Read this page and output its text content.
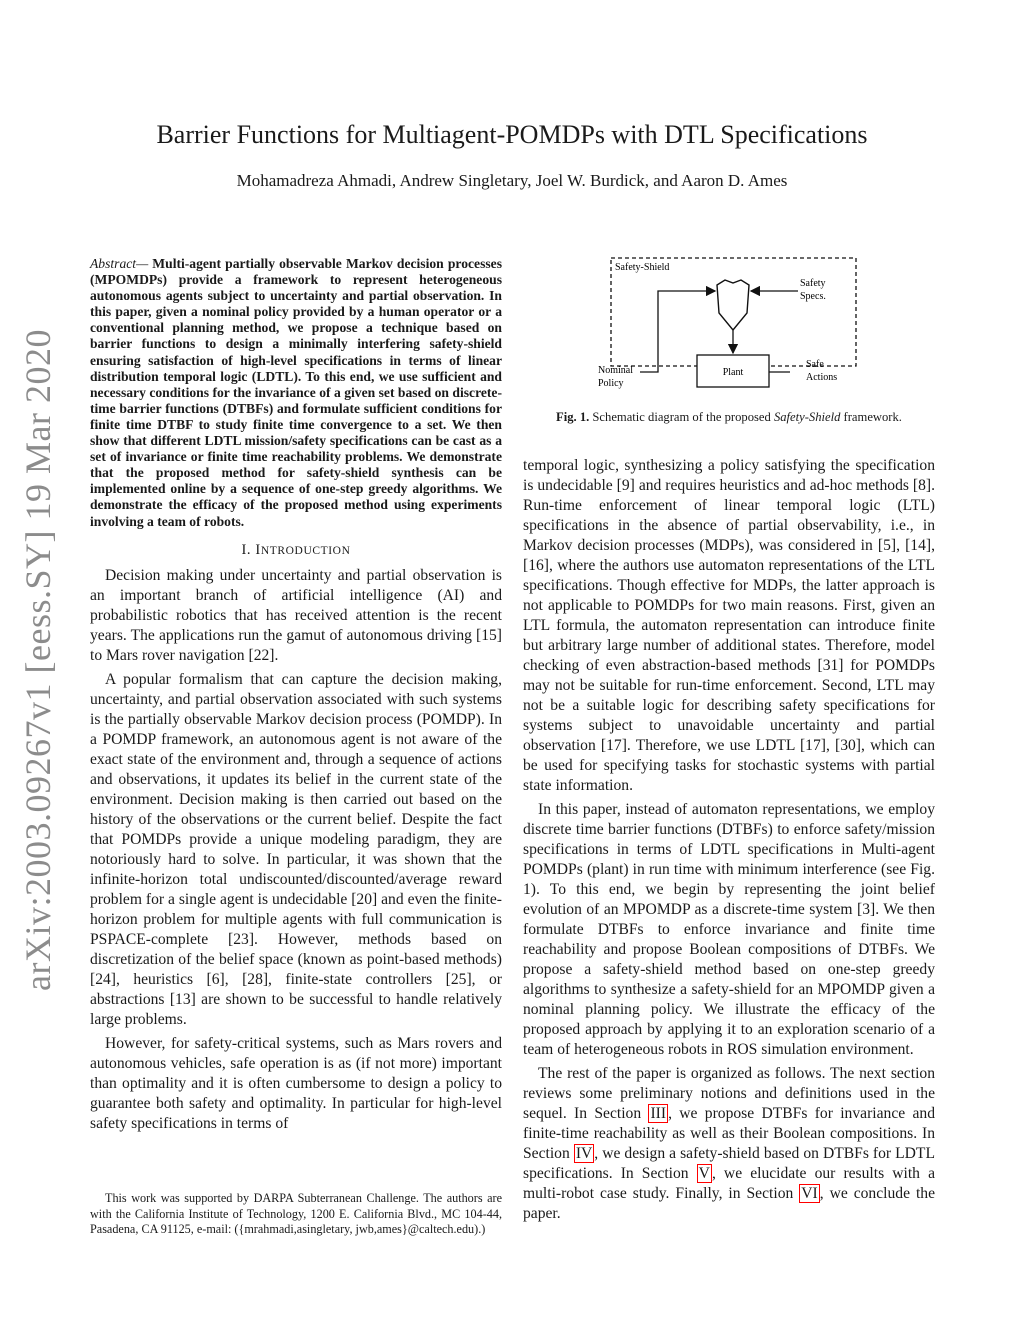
arXiv:2003.09267v1 [eess.SY] 19 Mar 2020
Barrier Functions for Multiagent-POMDPs with DTL Specifications
Mohamadreza Ahmadi, Andrew Singletary, Joel W. Burdick, and Aaron D. Ames

Abstract— Multi-agent partially observable Markov decision processes (MPOMDPs) provide a framework to represent heterogeneous autonomous agents subject to uncertainty and partial observation. In this paper, given a nominal policy provided by a human operator or a conventional planning method, we propose a technique based on barrier functions to design a minimally interfering safety-shield ensuring satisfaction of high-level specifications in terms of linear distribution temporal logic (LDTL). To this end, we use sufficient and necessary conditions for the invariance of a given set based on discrete-time barrier functions (DTBFs) and formulate sufficient conditions for finite time DTBF to study finite time convergence to a set. We then show that different LDTL mission/safety specifications can be cast as a set of invariance or finite time reachability problems. We demonstrate that the proposed method for safety-shield synthesis can be implemented online by a sequence of one-step greedy algorithms. We demonstrate the efficacy of the proposed method using experiments involving a team of robots.

I. INTRODUCTION

Decision making under uncertainty and partial observation is an important branch of artificial intelligence (AI) and probabilistic robotics that has received attention is the recent years. The applications run the gamut of autonomous driving [15] to Mars rover navigation [22].

A popular formalism that can capture the decision making, uncertainty, and partial observation associated with such systems is the partially observable Markov decision process (POMDP). In a POMDP framework, an autonomous agent is not aware of the exact state of the environment and, through a sequence of actions and observations, it updates its belief in the current state of the environment. Decision making is then carried out based on the history of the observations or the current belief. Despite the fact that POMDPs provide a unique modeling paradigm, they are notoriously hard to solve. In particular, it was shown that the infinite-horizon total undiscounted/discounted/average reward problem for a single agent is undecidable [20] and even the finite-horizon problem for multiple agents with full communication is PSPACE-complete [23]. However, methods based on discretization of the belief space (known as point-based methods) [24], heuristics [6], [28], finite-state controllers [25], or abstractions [13] are shown to be successful to handle relatively large problems.

However, for safety-critical systems, such as Mars rovers and autonomous vehicles, safe operation is as (if not more) important than optimality and it is often cumbersome to design a policy to guarantee both safety and optimality. In particular for high-level safety specifications in terms of

This work was supported by DARPA Subterranean Challenge. The authors are with the California Institute of Technology, 1200 E. California Blvd., MC 104-44, Pasadena, CA 91125, e-mail: ({mrahmadi,asingletary, jwb,ames}@caltech.edu).)
Safety-Shield
Plant
Safety
Specs.
Nominal
Policy
Safe
Actions
Fig. 1. Schematic diagram of the proposed Safety-Shield framework.

temporal logic, synthesizing a policy satisfying the specification is undecidable [9] and requires heuristics and ad-hoc methods [8]. Run-time enforcement of linear temporal logic (LTL) specifications in the absence of partial observability, i.e., in Markov decision processes (MDPs), was considered in [5], [14], [16], where the authors use automaton representations of the LTL specifications. Though effective for MDPs, the latter approach is not applicable to POMDPs for two main reasons. First, given an LTL formula, the automaton representation can introduce finite but arbitrary large number of additional states. Therefore, model checking of even abstraction-based methods [31] for POMDPs may not be suitable for run-time enforcement. Second, LTL may not be a suitable logic for describing safety specifications for systems subject to unavoidable uncertainty and partial observation [17]. Therefore, we use LDTL [17], [30], which can be used for specifying tasks for stochastic systems with partial state information.

In this paper, instead of automaton representations, we employ discrete time barrier functions (DTBFs) to enforce safety/mission specifications in terms of LDTL specifications in Multi-agent POMDPs (plant) in run time with minimum interference (see Fig. 1). To this end, we begin by representing the joint belief evolution of an MPOMDP as a discrete-time system [3]. We then formulate DTBFs to enforce invariance and finite time reachability and propose Boolean compositions of DTBFs. We propose a safety-shield method based on one-step greedy algorithms to synthesize a safety-shield for an MPOMDP given a nominal planning policy. We illustrate the efficacy of the proposed approach by applying it to an exploration scenario of a team of heterogeneous robots in ROS simulation environment.

The rest of the paper is organized as follows. The next section reviews some preliminary notions and definitions used in the sequel. In Section III , we propose DTBFs for invariance and finite-time reachability as well as their Boolean compositions. In Section IV , we design a safety-shield based on DTBFs for LDTL specifications. In Section V , we elucidate our results with a multi-robot case study. Finally, in Section VI , we conclude the paper.
